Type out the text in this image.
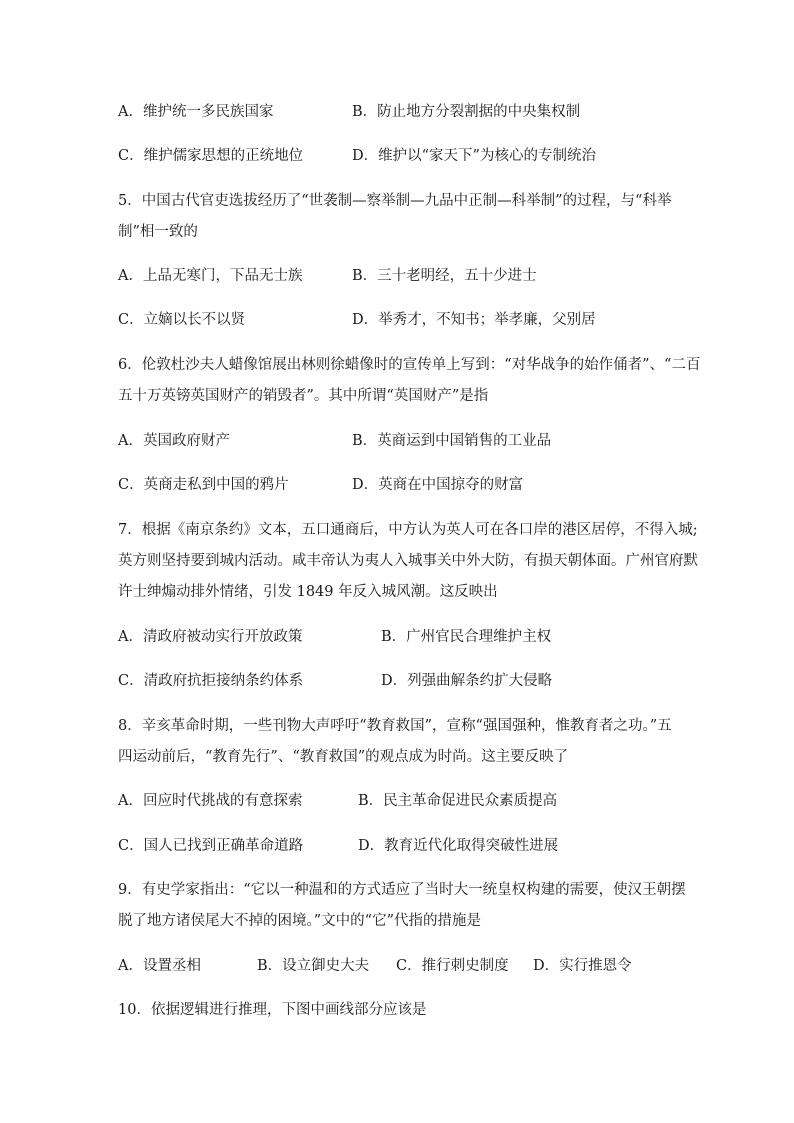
A．维护统一多民族国家	B．防止地方分裂割据的中央集权制
C．维护儒家思想的正统地位	D．维护以“家天下”为核心的专制统治
5．中国古代官吏选拔经历了“世袭制—察举制—九品中正制—科举制”的过程，与“科举
制”相一致的
A．上品无寒门，下品无士族	B．三十老明经，五十少进士
C．立嫡以长不以贤	D．举秀才，不知书；举孝廉，父别居
6．伦敦杜沙夫人蜡像馆展出林则徐蜡像时的宣传单上写到：“对华战争的始作俑者”、“二百
五十万英镑英国财产的销毁者”。其中所谓“英国财产”是指
A．英国政府财产	B．英商运到中国销售的工业品
C．英商走私到中国的鸦片	D．英商在中国掠夺的财富
7．根据《南京条约》文本，五口通商后，中方认为英人可在各口岸的港区居停，不得入城;
英方则坚持要到城内活动。咸丰帝认为夷人入城事关中外大防，有损天朝体面。广州官府默
许士绅煽动排外情绪，引发 1849 年反入城风潮。这反映出
A．清政府被动实行开放政策	B．广州官民合理维护主权
C．清政府抗拒接纳条约体系	D．列强曲解条约扩大侵略
8．辛亥革命时期，一些刊物大声呼吁“教育救国”，宣称“强国强种，惟教育者之功。”五
四运动前后，“教育先行”、“教育救国”的观点成为时尚。这主要反映了
A．回应时代挑战的有意探索	B．民主革命促进民众素质提高
C．国人已找到正确革命道路	D．教育近代化取得突破性进展
9．有史学家指出：“它以一种温和的方式适应了当时大一统皇权构建的需要，使汉王朝摆
脱了地方诸侯尾大不掉的困境。”文中的“它”代指的措施是
A．设置丞相	B．设立御史大夫 C．推行刺史制度 D．实行推恩令
10．依据逻辑进行推理，下图中画线部分应该是
